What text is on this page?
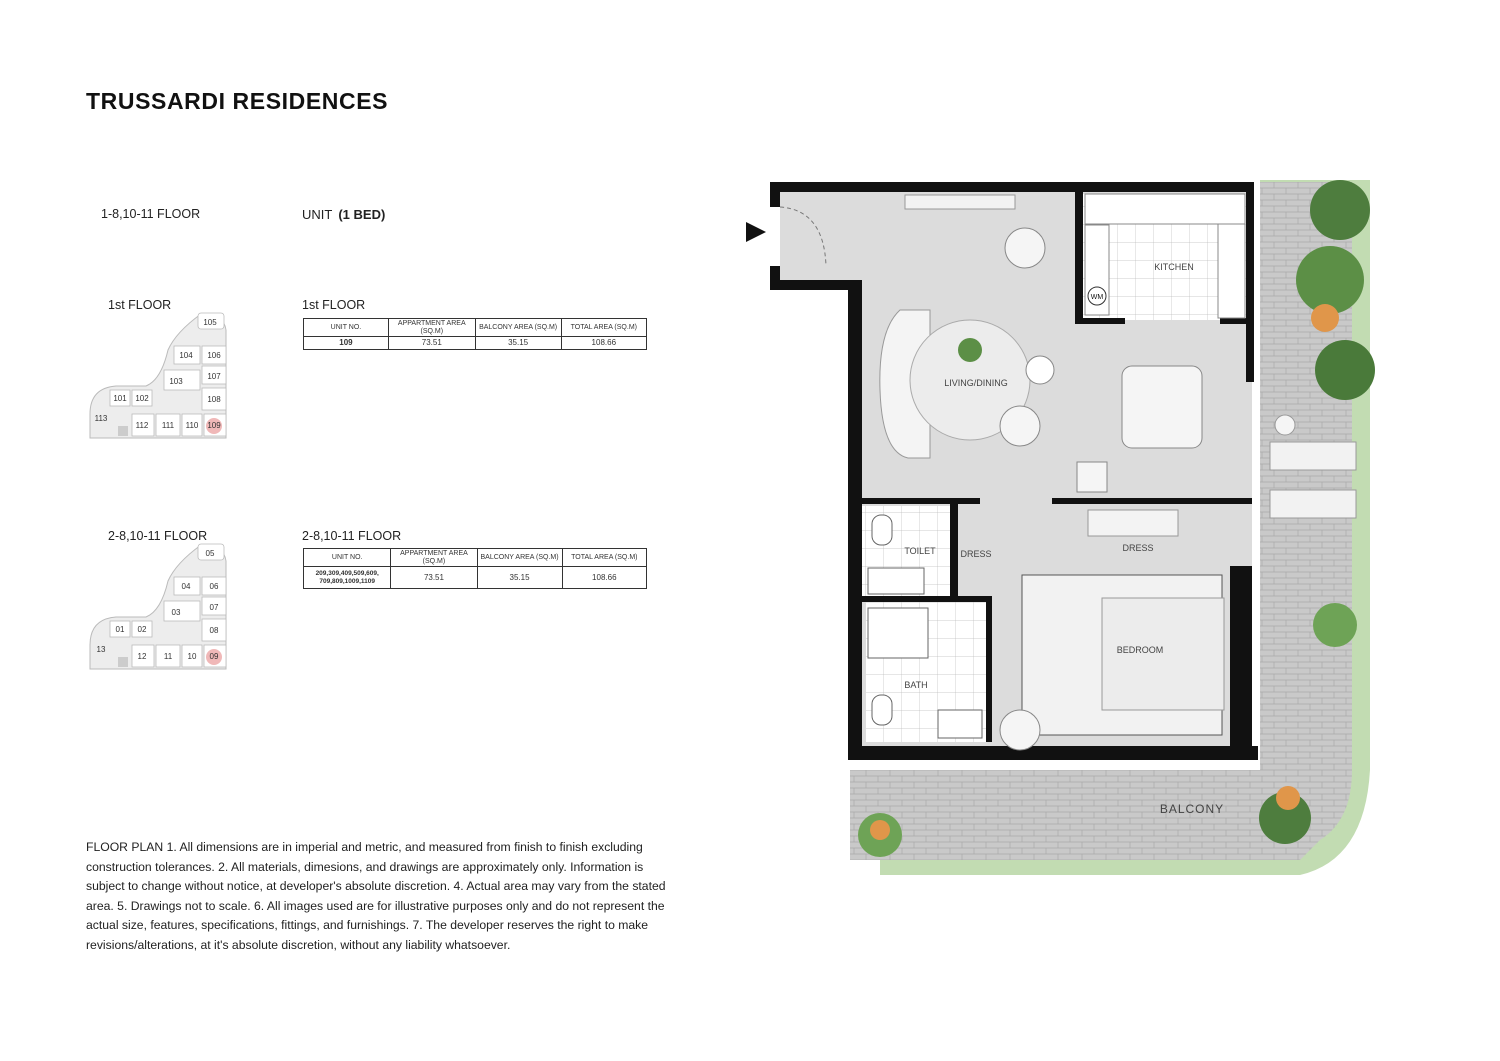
TRUSSARDI RESIDENCES
1-8,10-11 FLOOR	UNIT (1 BED)
1st FLOOR	1st FLOOR
105
104 106
107
103
101 102	108
113
112 111 110 109
UNIT NO.	APPARTMENT AREA (SQ.M)	BALCONY AREA (SQ.M)	TOTAL AREA (SQ.M)
109	73.51	35.15	108.66
2-8,10-11 FLOOR	2-8,10-11 FLOOR
05
04 06
07
03
01 02	08
13
12 11 10 09
UNIT NO.	APPARTMENT AREA (SQ.M)	BALCONY AREA (SQ.M)	TOTAL AREA (SQ.M)
209,309,409,509,609, 709,809,1009,1109	73.51	35.15	108.66
FLOOR PLAN 1. All dimensions are in imperial and metric, and measured from finish to finish excluding construction tolerances. 2. All materials, dimesions, and drawings are approximately only. Information is subject to change without notice, at developer's absolute discretion. 4. Actual area may vary from the stated area. 5. Drawings not to scale. 6. All images used are for illustrative purposes only and do not represent the actual size, features, specifications, fittings, and furnishings. 7. The developer reserves the right to make revisions/alterations, at it's absolute discretion, without any liability whatsoever.
WM
KITCHEN
LIVING/DINING
TOILET	DRESS
BATH
DRESS
BEDROOM
BALCONY
